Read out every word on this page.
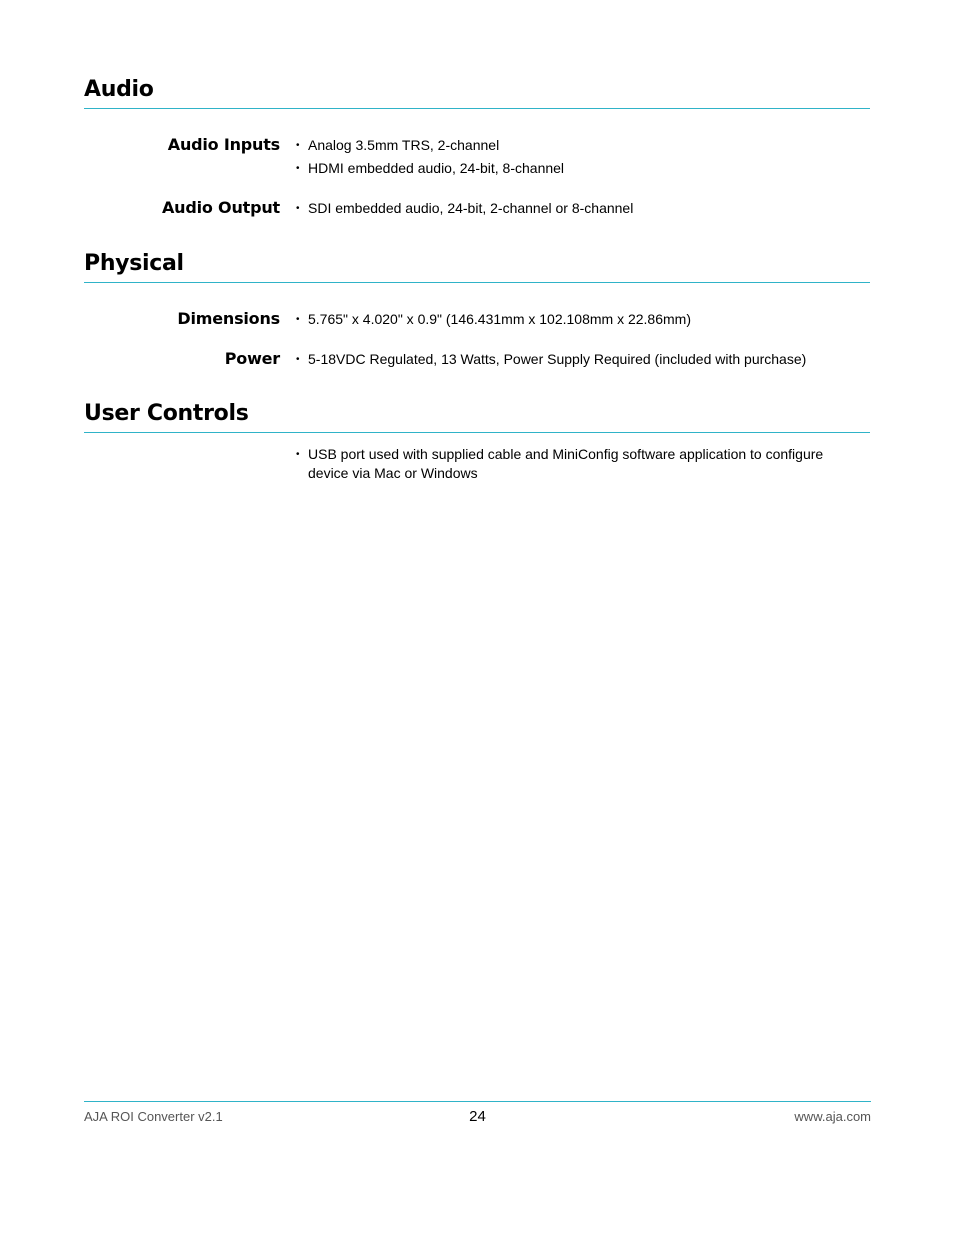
Audio
Audio Inputs	• Analog 3.5mm TRS, 2-channel
• HDMI embedded audio, 24-bit, 8-channel
Audio Output	• SDI embedded audio, 24-bit, 2-channel or 8-channel
Physical
Dimensions	• 5.765" x 4.020" x 0.9" (146.431mm x 102.108mm x 22.86mm)
Power	• 5-18VDC Regulated, 13 Watts, Power Supply Required (included with purchase)
User Controls
• USB port used with supplied cable and MiniConfig software application to configure device via Mac or Windows
AJA ROI Converter v2.1	24	www.aja.com
